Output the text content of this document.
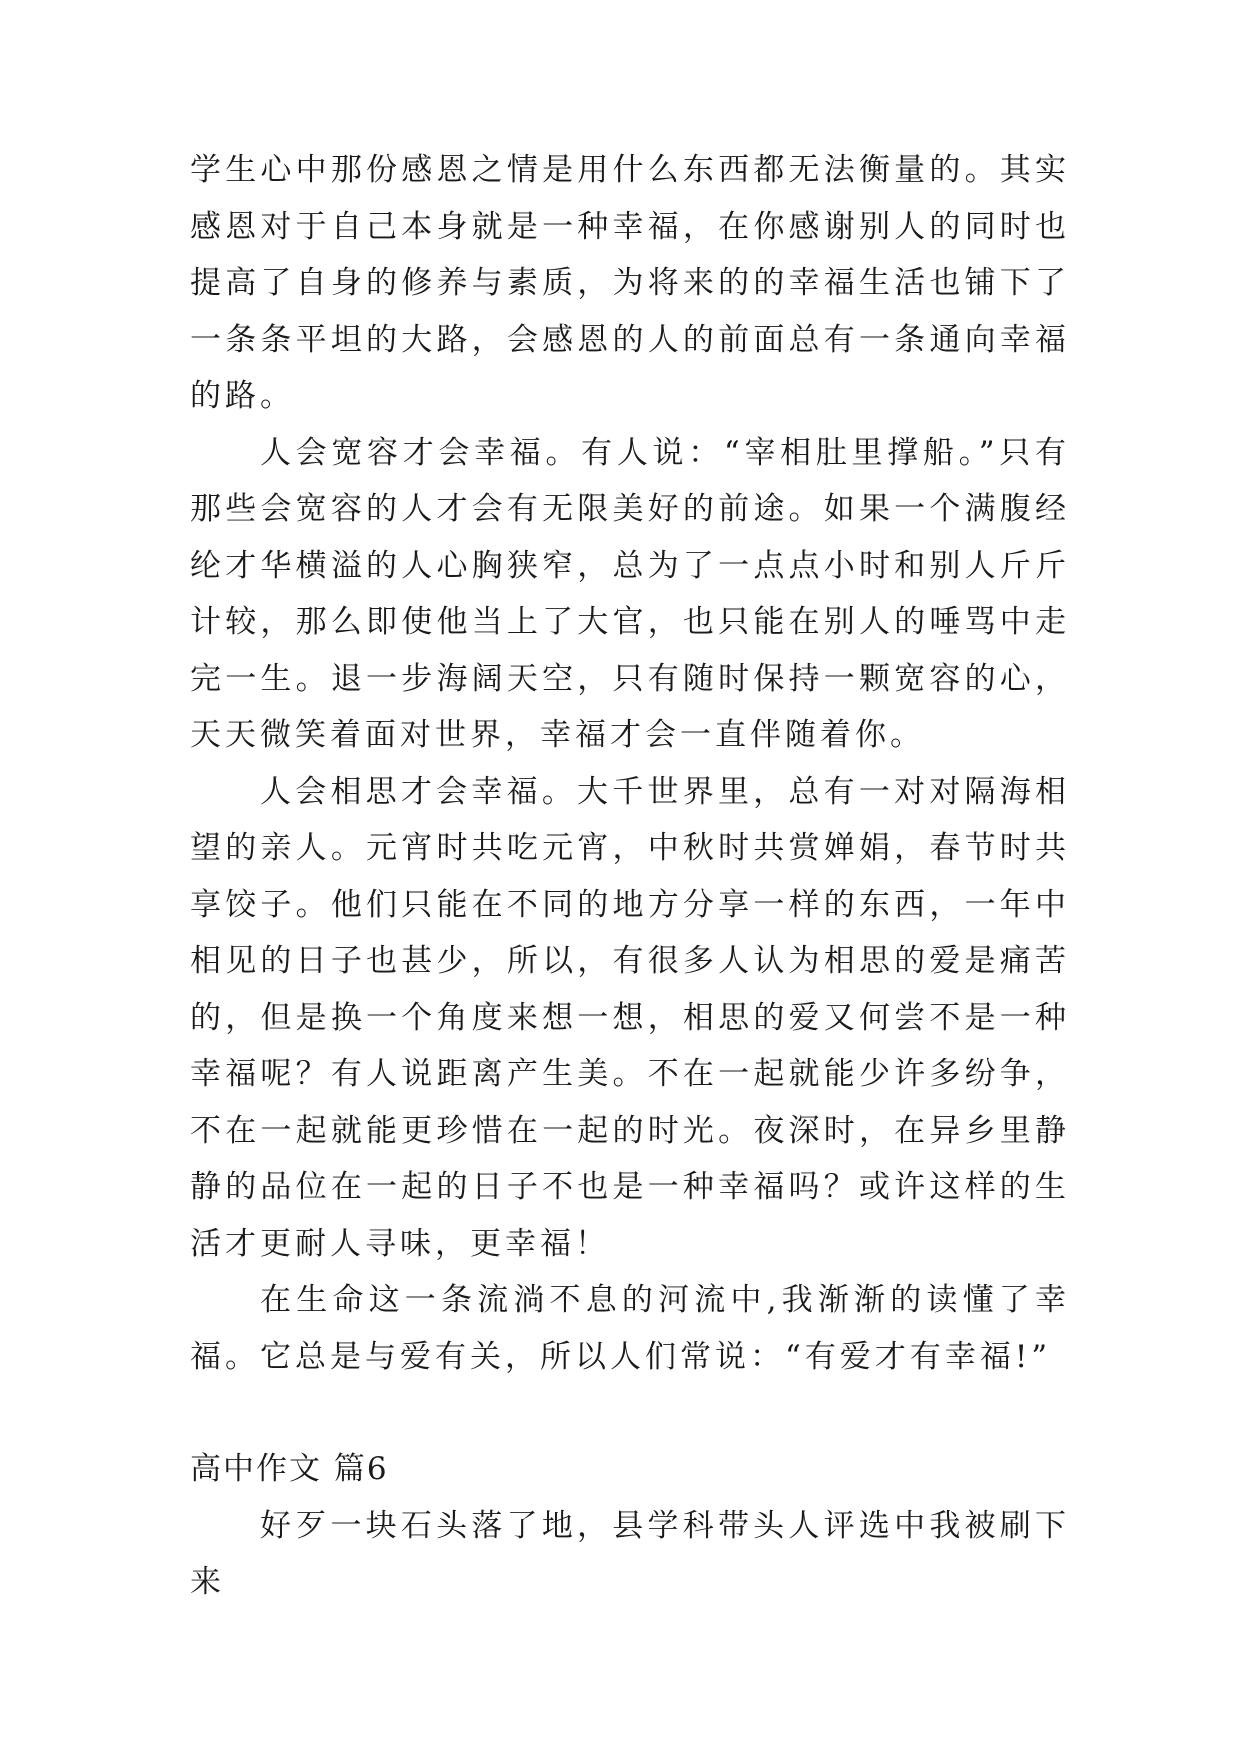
学生心中那份感恩之情是用什么东西都无法衡量的。其实感恩对于自己本身就是一种幸福，在你感谢别人的同时也提高了自身的修养与素质，为将来的的幸福生活也铺下了一条条平坦的大路，会感恩的人的前面总有一条通向幸福的路。

人会宽容才会幸福。有人说：“宰相肚里撑船。”只有那些会宽容的人才会有无限美好的前途。如果一个满腹经纶才华横溢的人心胸狭窄，总为了一点点小时和别人斤斤计较，那么即使他当上了大官，也只能在别人的唾骂中走完一生。退一步海阔天空，只有随时保持一颗宽容的心，天天微笑着面对世界，幸福才会一直伴随着你。

人会相思才会幸福。大千世界里，总有一对对隔海相望的亲人。元宵时共吃元宵，中秋时共赏婵娟，春节时共享饺子。他们只能在不同的地方分享一样的东西，一年中相见的日子也甚少，所以，有很多人认为相思的爱是痛苦的，但是换一个角度来想一想，相思的爱又何尝不是一种幸福呢？有人说距离产生美。不在一起就能少许多纷争，不在一起就能更珍惜在一起的时光。夜深时，在异乡里静静的品位在一起的日子不也是一种幸福吗？或许这样的生活才更耐人寻味，更幸福！

在生命这一条流淌不息的河流中,我渐渐的读懂了幸福。它总是与爱有关，所以人们常说：“有爱才有幸福!”

高中作文 篇6

好歹一块石头落了地，县学科带头人评选中我被刷下来
